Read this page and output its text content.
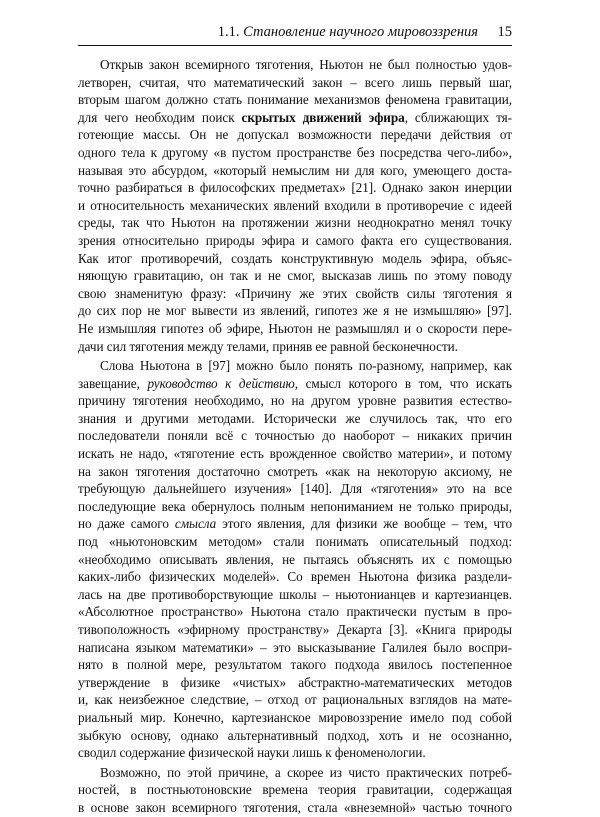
1.1. Становление научного мировоззрения 15
Открыв закон всемирного тяготения, Ньютон не был полностью удов-
летворен, считая, что математический закон – всего лишь первый шаг,
вторым шагом должно стать понимание механизмов феномена гравитации,
для чего необходим поиск скрытых движений эфира, сближающих тя-
готеющие массы. Он не допускал возможности передачи действия от
одного тела к другому «в пустом пространстве без посредства чего-либо»,
называя это абсурдом, «который немыслим ни для кого, умеющего доста-
точно разбираться в философских предметах» [21]. Однако закон инерции
и относительность механических явлений входили в противоречие с идеей
среды, так что Ньютон на протяжении жизни неоднократно менял точку
зрения относительно природы эфира и самого факта его существования.
Как итог противоречий, создать конструктивную модель эфира, объяс-
няющую гравитацию, он так и не смог, высказав лишь по этому поводу
свою знаменитую фразу: «Причину же этих свойств силы тяготения я
до сих пор не мог вывести из явлений, гипотез же я не измышляю» [97].
Не измышляя гипотез об эфире, Ньютон не размышлял и о скорости пере-
дачи сил тяготения между телами, приняв ее равной бесконечности.
Слова Ньютона в [97] можно было понять по-разному, например, как
завещание, руководство к действию, смысл которого в том, что искать
причину тяготения необходимо, но на другом уровне развития естество-
знания и другими методами. Исторически же случилось так, что его
последователи поняли всё с точностью до наоборот – никаких причин
искать не надо, «тяготение есть врожденное свойство материи», и потому
на закон тяготения достаточно смотреть «как на некоторую аксиому, не
требующую дальнейшего изучения» [140]. Для «тяготения» это на все
последующие века обернулось полным непониманием не только природы,
но даже самого смысла этого явления, для физики же вообще – тем, что
под «ньютоновским методом» стали понимать описательный подход:
«необходимо описывать явления, не пытаясь объяснять их с помощью
каких-либо физических моделей». Со времен Ньютона физика раздели-
лась на две противоборствующие школы – ньютонианцев и картезианцев.
«Абсолютное пространство» Ньютона стало практически пустым в про-
тивоположность «эфирному пространству» Декарта [3]. «Книга природы
написана языком математики» – это высказывание Галилея было воспри-
нято в полной мере, результатом такого подхода явилось постепенное
утверждение в физике «чистых» абстрактно-математических методов
и, как неизбежное следствие, – отход от рациональных взглядов на мате-
риальный мир. Конечно, картезианское мировоззрение имело под собой
зыбкую основу, однако альтернативный подход, хоть и не осознанно,
сводил содержание физической науки лишь к феноменологии.
Возможно, по этой причине, а скорее из чисто практических потреб-
ностей, в постньютоновские времена теория гравитации, содержащая
в основе закон всемирного тяготения, стала «внеземной» частью точного
